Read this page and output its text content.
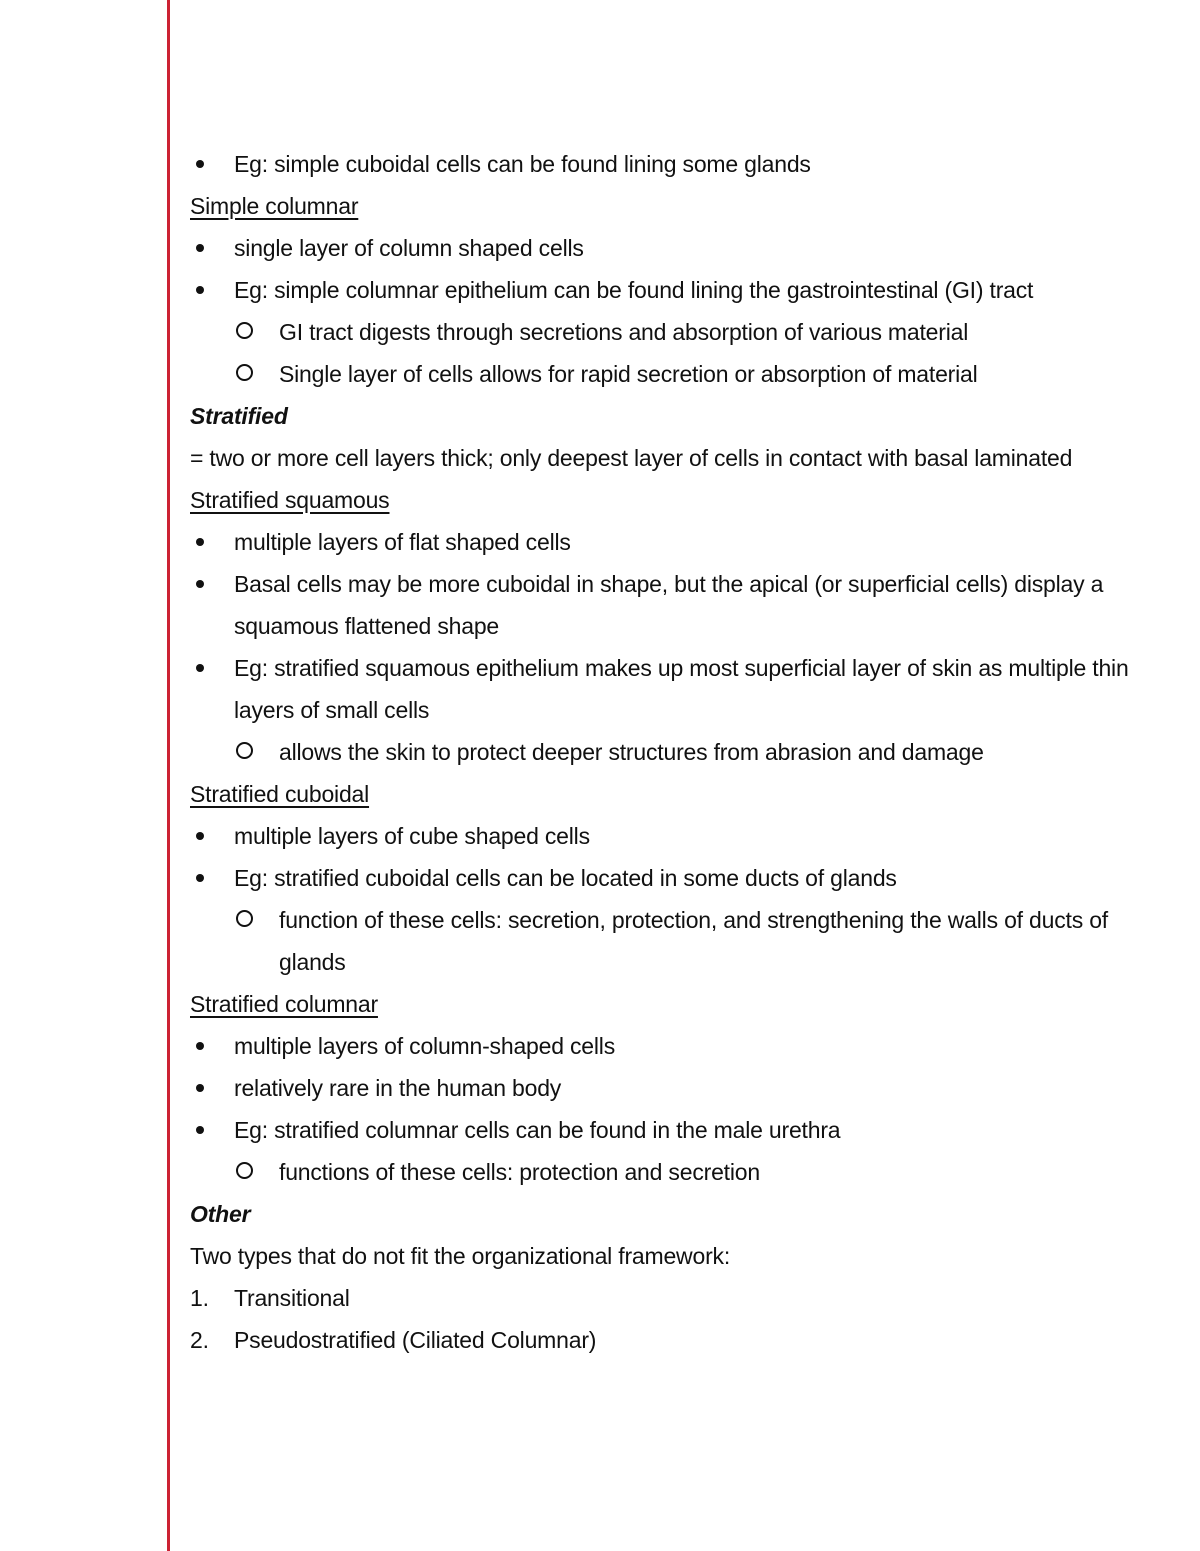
Eg: simple cuboidal cells can be found lining some glands

Simple columnar

single layer of column shaped cells

Eg: simple columnar epithelium can be found lining the gastrointestinal (GI) tract

GI tract digests through secretions and absorption of various material

Single layer of cells allows for rapid secretion or absorption of material

Stratified

= two or more cell layers thick; only deepest layer of cells in contact with basal laminated

Stratified squamous

multiple layers of flat shaped cells

Basal cells may be more cuboidal in shape, but the apical (or superficial cells) display a squamous flattened shape

Eg: stratified squamous epithelium makes up most superficial layer of skin as multiple thin layers of small cells

allows the skin to protect deeper structures from abrasion and damage

Stratified cuboidal

multiple layers of cube shaped cells

Eg: stratified cuboidal cells can be located in some ducts of glands

function of these cells: secretion, protection, and strengthening the walls of ducts of glands

Stratified columnar

multiple layers of column-shaped cells

relatively rare in the human body

Eg: stratified columnar cells can be found in the male urethra

functions of these cells: protection and secretion

Other

Two types that do not fit the organizational framework:

1. Transitional

2. Pseudostratified (Ciliated Columnar)
